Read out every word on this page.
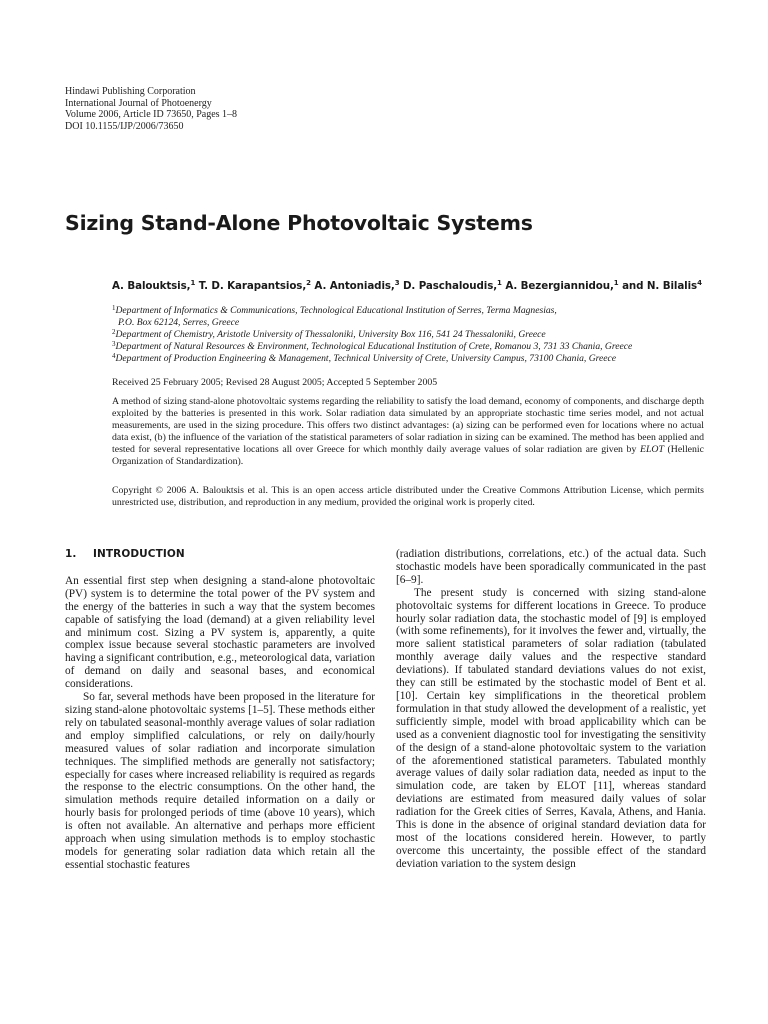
Hindawi Publishing Corporation
International Journal of Photoenergy
Volume 2006, Article ID 73650, Pages 1–8
DOI 10.1155/IJP/2006/73650
Sizing Stand-Alone Photovoltaic Systems
A. Balouktsis,$^1$ T. D. Karapantsios,$^2$ A. Antoniadis,$^3$ D. Paschaloudis,$^1$ A. Bezergiannidou,$^1$ and N. Bilalis$^4$
$^1$Department of Informatics & Communications, Technological Educational Institution of Serres, Terma Magnesias,
P.O. Box 62124, Serres, Greece
$^2$Department of Chemistry, Aristotle University of Thessaloniki, University Box 116, 541 24 Thessaloniki, Greece
$^3$Department of Natural Resources & Environment, Technological Educational Institution of Crete, Romanou 3, 731 33 Chania, Greece
$^4$Department of Production Engineering & Management, Technical University of Crete, University Campus, 73100 Chania, Greece
Received 25 February 2005; Revised 28 August 2005; Accepted 5 September 2005
A method of sizing stand-alone photovoltaic systems regarding the reliability to satisfy the load demand, economy of components, and discharge depth exploited by the batteries is presented in this work. Solar radiation data simulated by an appropriate stochastic time series model, and not actual measurements, are used in the sizing procedure. This offers two distinct advantages: (a) sizing can be performed even for locations where no actual data exist, (b) the influence of the variation of the statistical parameters of solar radiation in sizing can be examined. The method has been applied and tested for several representative locations all over Greece for which monthly daily average values of solar radiation are given by ELOT (Hellenic Organization of Standardization).
Copyright © 2006 A. Balouktsis et al. This is an open access article distributed under the Creative Commons Attribution License, which permits unrestricted use, distribution, and reproduction in any medium, provided the original work is properly cited.
1. INTRODUCTION

An essential first step when designing a stand-alone photovoltaic (PV) system is to determine the total power of the PV system and the energy of the batteries in such a way that the system becomes capable of satisfying the load (demand) at a given reliability level and minimum cost. Sizing a PV system is, apparently, a quite complex issue because several stochastic parameters are involved having a significant contribution, e.g., meteorological data, variation of demand on daily and seasonal bases, and economical considerations.

So far, several methods have been proposed in the literature for sizing stand-alone photovoltaic systems [1–5]. These methods either rely on tabulated seasonal-monthly average values of solar radiation and employ simplified calculations, or rely on daily/hourly measured values of solar radiation and incorporate simulation techniques. The simplified methods are generally not satisfactory; especially for cases where increased reliability is required as regards the response to the electric consumptions. On the other hand, the simulation methods require detailed information on a daily or hourly basis for prolonged periods of time (above 10 years), which is often not available. An alternative and perhaps more efficient approach when using simulation methods is to employ stochastic models for generating solar radiation data which retain all the essential stochastic features

(radiation distributions, correlations, etc.) of the actual data. Such stochastic models have been sporadically communicated in the past [6–9].

The present study is concerned with sizing stand-alone photovoltaic systems for different locations in Greece. To produce hourly solar radiation data, the stochastic model of [9] is employed (with some refinements), for it involves the fewer and, virtually, the more salient statistical parameters of solar radiation (tabulated monthly average daily values and the respective standard deviations). If tabulated standard deviations values do not exist, they can still be estimated by the stochastic model of Bent et al. [10]. Certain key simplifications in the theoretical problem formulation in that study allowed the development of a realistic, yet sufficiently simple, model with broad applicability which can be used as a convenient diagnostic tool for investigating the sensitivity of the design of a stand-alone photovoltaic system to the variation of the aforementioned statistical parameters. Tabulated monthly average values of daily solar radiation data, needed as input to the simulation code, are taken by ELOT [11], whereas standard deviations are estimated from measured daily values of solar radiation for the Greek cities of Serres, Kavala, Athens, and Hania. This is done in the absence of original standard deviation data for most of the locations considered herein. However, to partly overcome this uncertainty, the possible effect of the standard deviation variation to the system design
